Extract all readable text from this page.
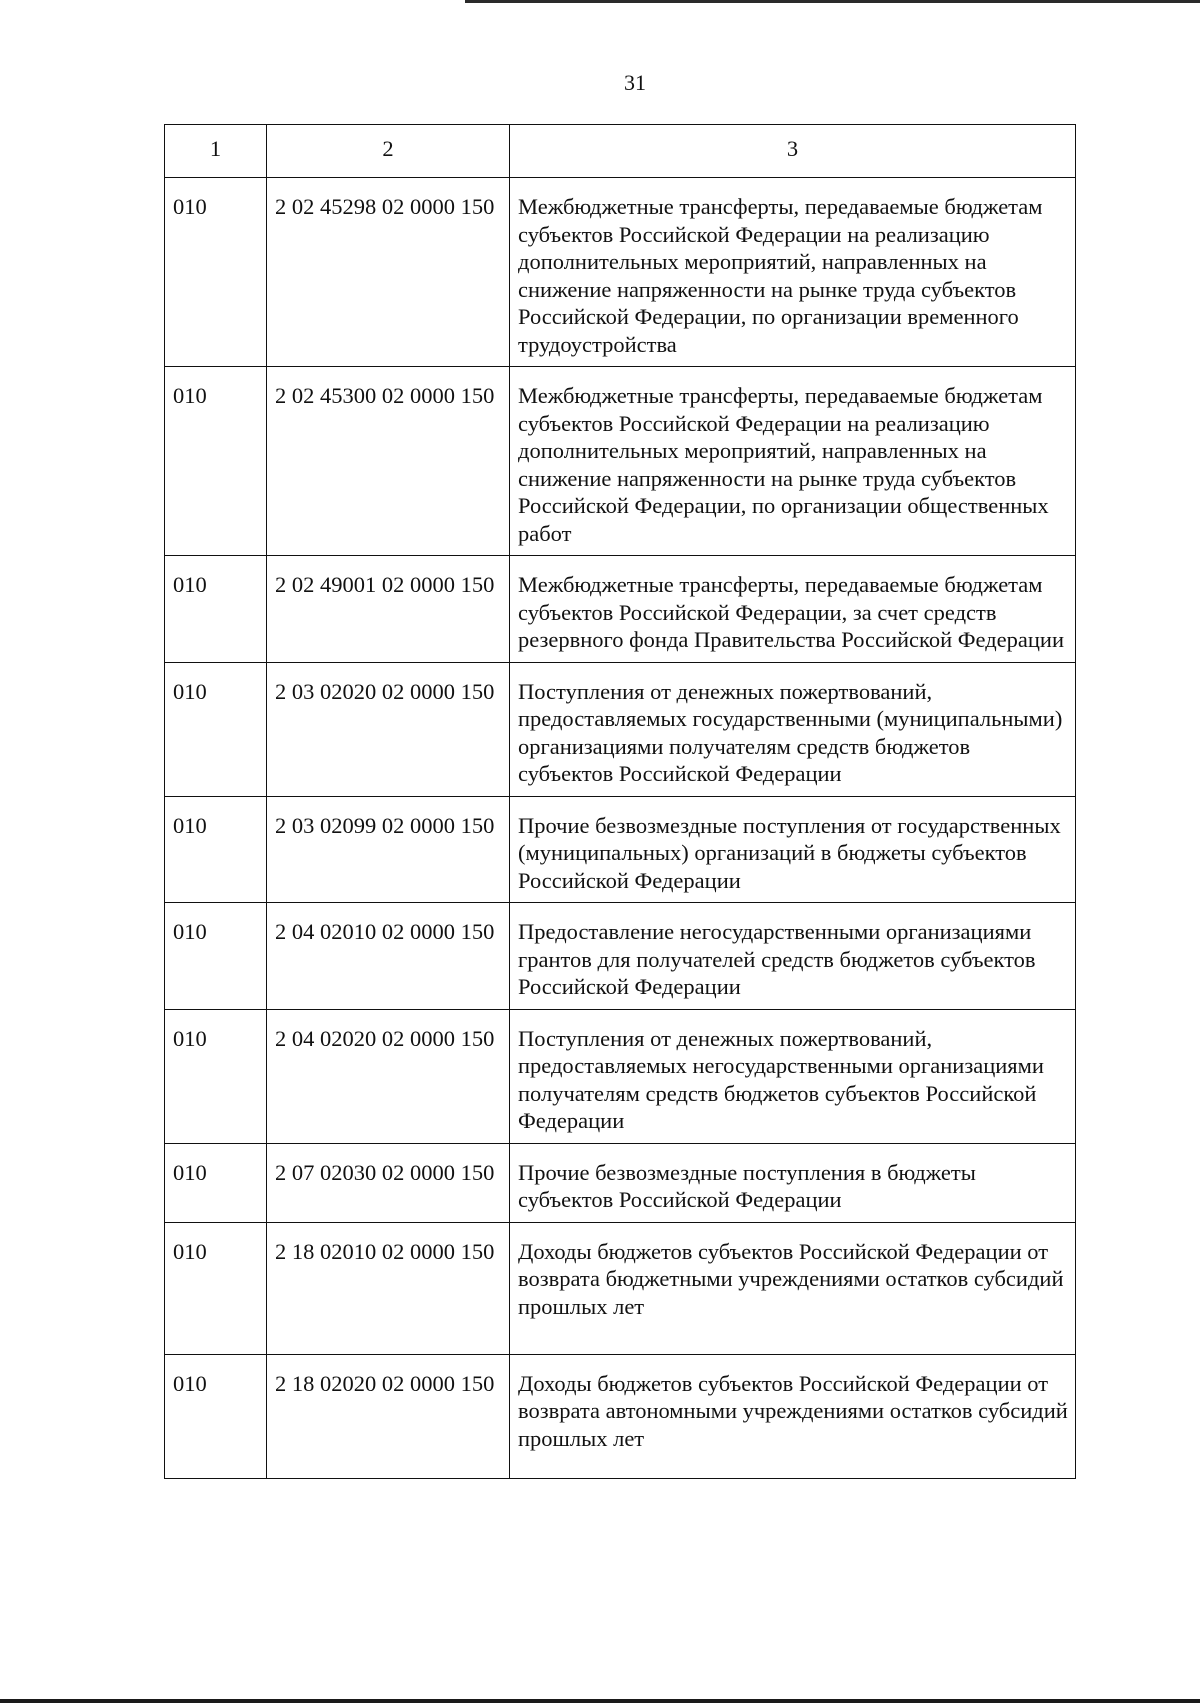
31
1	2	3
010	2 02 45298 02 0000 150	Межбюджетные трансферты, передаваемые бюджетам субъектов Российской Федерации на реализацию дополнительных мероприятий, направленных на снижение напряженности на рынке труда субъектов Российской Федерации, по организации временного трудоустройства
010	2 02 45300 02 0000 150	Межбюджетные трансферты, передаваемые бюджетам субъектов Российской Федерации на реализацию дополнительных мероприятий, направленных на снижение напряженности на рынке труда субъектов Российской Федерации, по организации общественных работ
010	2 02 49001 02 0000 150	Межбюджетные трансферты, передаваемые бюджетам субъектов Российской Федерации, за счет средств резервного фонда Правительства Российской Федерации
010	2 03 02020 02 0000 150	Поступления от денежных пожертвований, предоставляемых государственными (муниципальными) организациями получателям средств бюджетов субъектов Российской Федерации
010	2 03 02099 02 0000 150	Прочие безвозмездные поступления от государственных (муниципальных) организаций в бюджеты субъектов Российской Федерации
010	2 04 02010 02 0000 150	Предоставление негосударственными организациями грантов для получателей средств бюджетов субъектов Российской Федерации
010	2 04 02020 02 0000 150	Поступления от денежных пожертвований, предоставляемых негосударственными организациями получателям средств бюджетов субъектов Российской Федерации
010	2 07 02030 02 0000 150	Прочие безвозмездные поступления в бюджеты субъектов Российской Федерации
010	2 18 02010 02 0000 150	Доходы бюджетов субъектов Российской Федерации от возврата бюджетными учреждениями остатков субсидий прошлых лет
010	2 18 02020 02 0000 150	Доходы бюджетов субъектов Российской Федерации от возврата автономными учреждениями остатков субсидий прошлых лет
